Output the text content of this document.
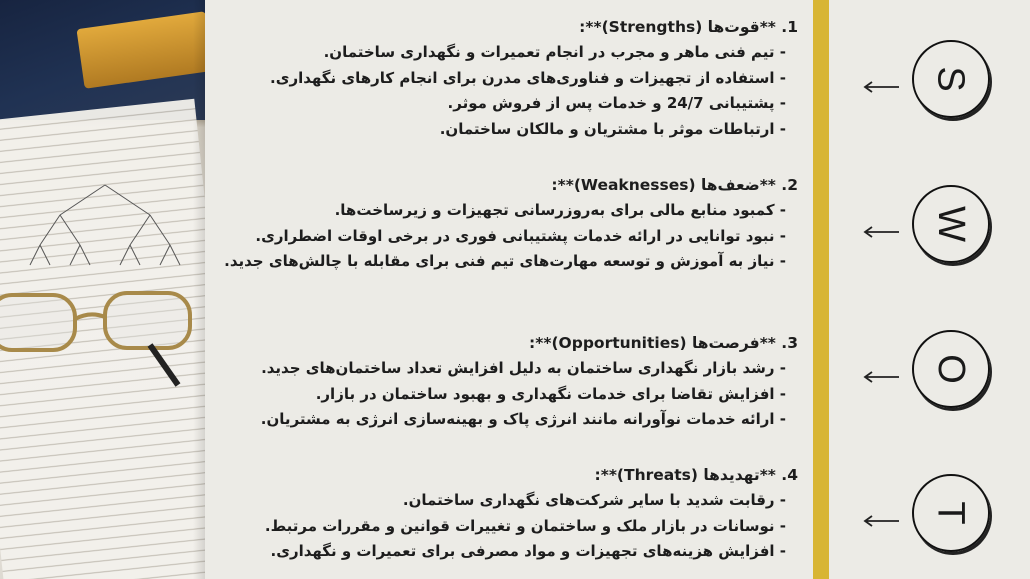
1. **قوت‌ها (Strengths)**:
- تیم فنی ماهر و مجرب در انجام تعمیرات و نگهداری ساختمان.
- استفاده از تجهیزات و فناوری‌های مدرن برای انجام کارهای نگهداری.
- پشتیبانی 24/7 و خدمات پس از فروش موثر.
- ارتباطات موثر با مشتریان و مالکان ساختمان.
2. **ضعف‌ها (Weaknesses)**:
- کمبود منابع مالی برای به‌روزرسانی تجهیزات و زیرساخت‌ها.
- نبود توانایی در ارائه خدمات پشتیبانی فوری در برخی اوقات اضطراری.
- نیاز به آموزش و توسعه مهارت‌های تیم فنی برای مقابله با چالش‌های جدید.
3. **فرصت‌ها (Opportunities)**:
- رشد بازار نگهداری ساختمان به دلیل افزایش تعداد ساختمان‌های جدید.
- افزایش تقاضا برای خدمات نگهداری و بهبود ساختمان در بازار.
- ارائه خدمات نوآورانه مانند انرژی پاک و بهینه‌سازی انرژی به مشتریان.
4. **تهدیدها (Threats)**:
- رقابت شدید با سایر شرکت‌های نگهداری ساختمان.
- نوسانات در بازار ملک و ساختمان و تغییرات قوانین و مقررات مرتبط.
- افزایش هزینه‌های تجهیزات و مواد مصرفی برای تعمیرات و نگهداری.
S
W
O
T
